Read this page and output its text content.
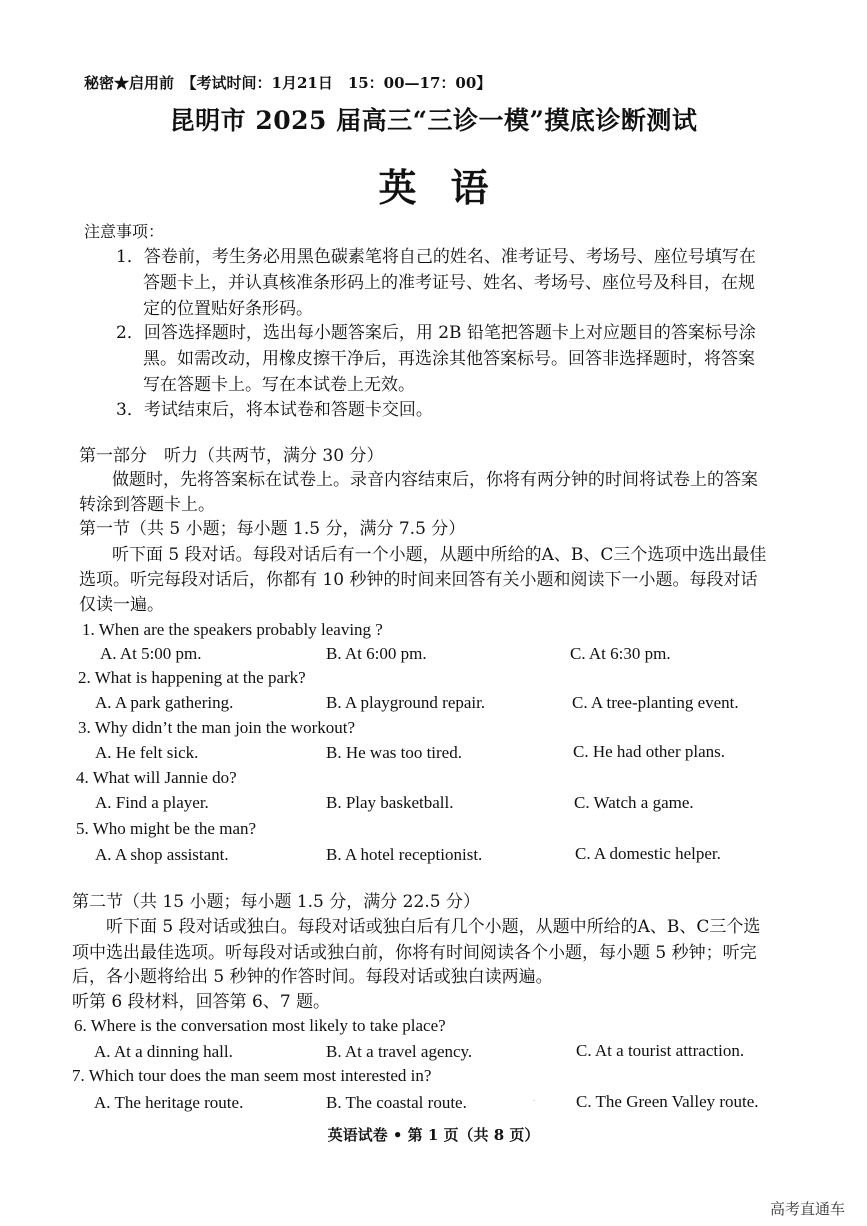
秘密★启用前　【考试时间：1月21日　15：00—17：00】
昆明市 2025 届高三“三诊一模”摸底诊断测试
英语
注意事项：
1．答卷前，考生务必用黑色碳素笔将自己的姓名、准考证号、考场号、座位号填写在
答题卡上，并认真核准条形码上的准考证号、姓名、考场号、座位号及科目，在规
定的位置贴好条形码。
2．回答选择题时，选出每小题答案后，用 2B 铅笔把答题卡上对应题目的答案标号涂
黑。如需改动，用橡皮擦干净后，再选涂其他答案标号。回答非选择题时，将答案
写在答题卡上。写在本试卷上无效。
3．考试结束后，将本试卷和答题卡交回。
第一部分　听力（共两节，满分 30 分）
做题时，先将答案标在试卷上。录音内容结束后，你将有两分钟的时间将试卷上的答案
转涂到答题卡上。
第一节（共 5 小题；每小题 1.5 分，满分 7.5 分）
听下面 5 段对话。每段对话后有一个小题，从题中所给的A、B、C三个选项中选出最佳
选项。听完每段对话后，你都有 10 秒钟的时间来回答有关小题和阅读下一小题。每段对话
仅读一遍。
1. When are the speakers probably leaving ?
A. At 5:00 pm.	B. At 6:00 pm.	C. At 6:30 pm.
2. What is happening at the park?
A. A park gathering.	B. A playground repair.	C. A tree-planting event.
3. Why didn’t the man join the workout?
A. He felt sick.	B. He was too tired.	C. He had other plans.
4. What will Jannie do?
A. Find a player.	B. Play basketball.	C. Watch a game.
5. Who might be the man?
A. A shop assistant.	B. A hotel receptionist.	C. A domestic helper.
第二节（共 15 小题；每小题 1.5 分，满分 22.5 分）
听下面 5 段对话或独白。每段对话或独白后有几个小题，从题中所给的A、B、C三个选
项中选出最佳选项。听每段对话或独白前，你将有时间阅读各个小题，每小题 5 秒钟；听完
后，各小题将给出 5 秒钟的作答时间。每段对话或独白读两遍。
听第 6 段材料，回答第 6、7 题。
6. Where is the conversation most likely to take place?
A. At a dinning hall.	B. At a travel agency.	C. At a tourist attraction.
7. Which tour does the man seem most interested in?
A. The heritage route.	B. The coastal route.	C. The Green Valley route.
·
英语试卷 • 第 1 页（共 8 页）
高考直通车
